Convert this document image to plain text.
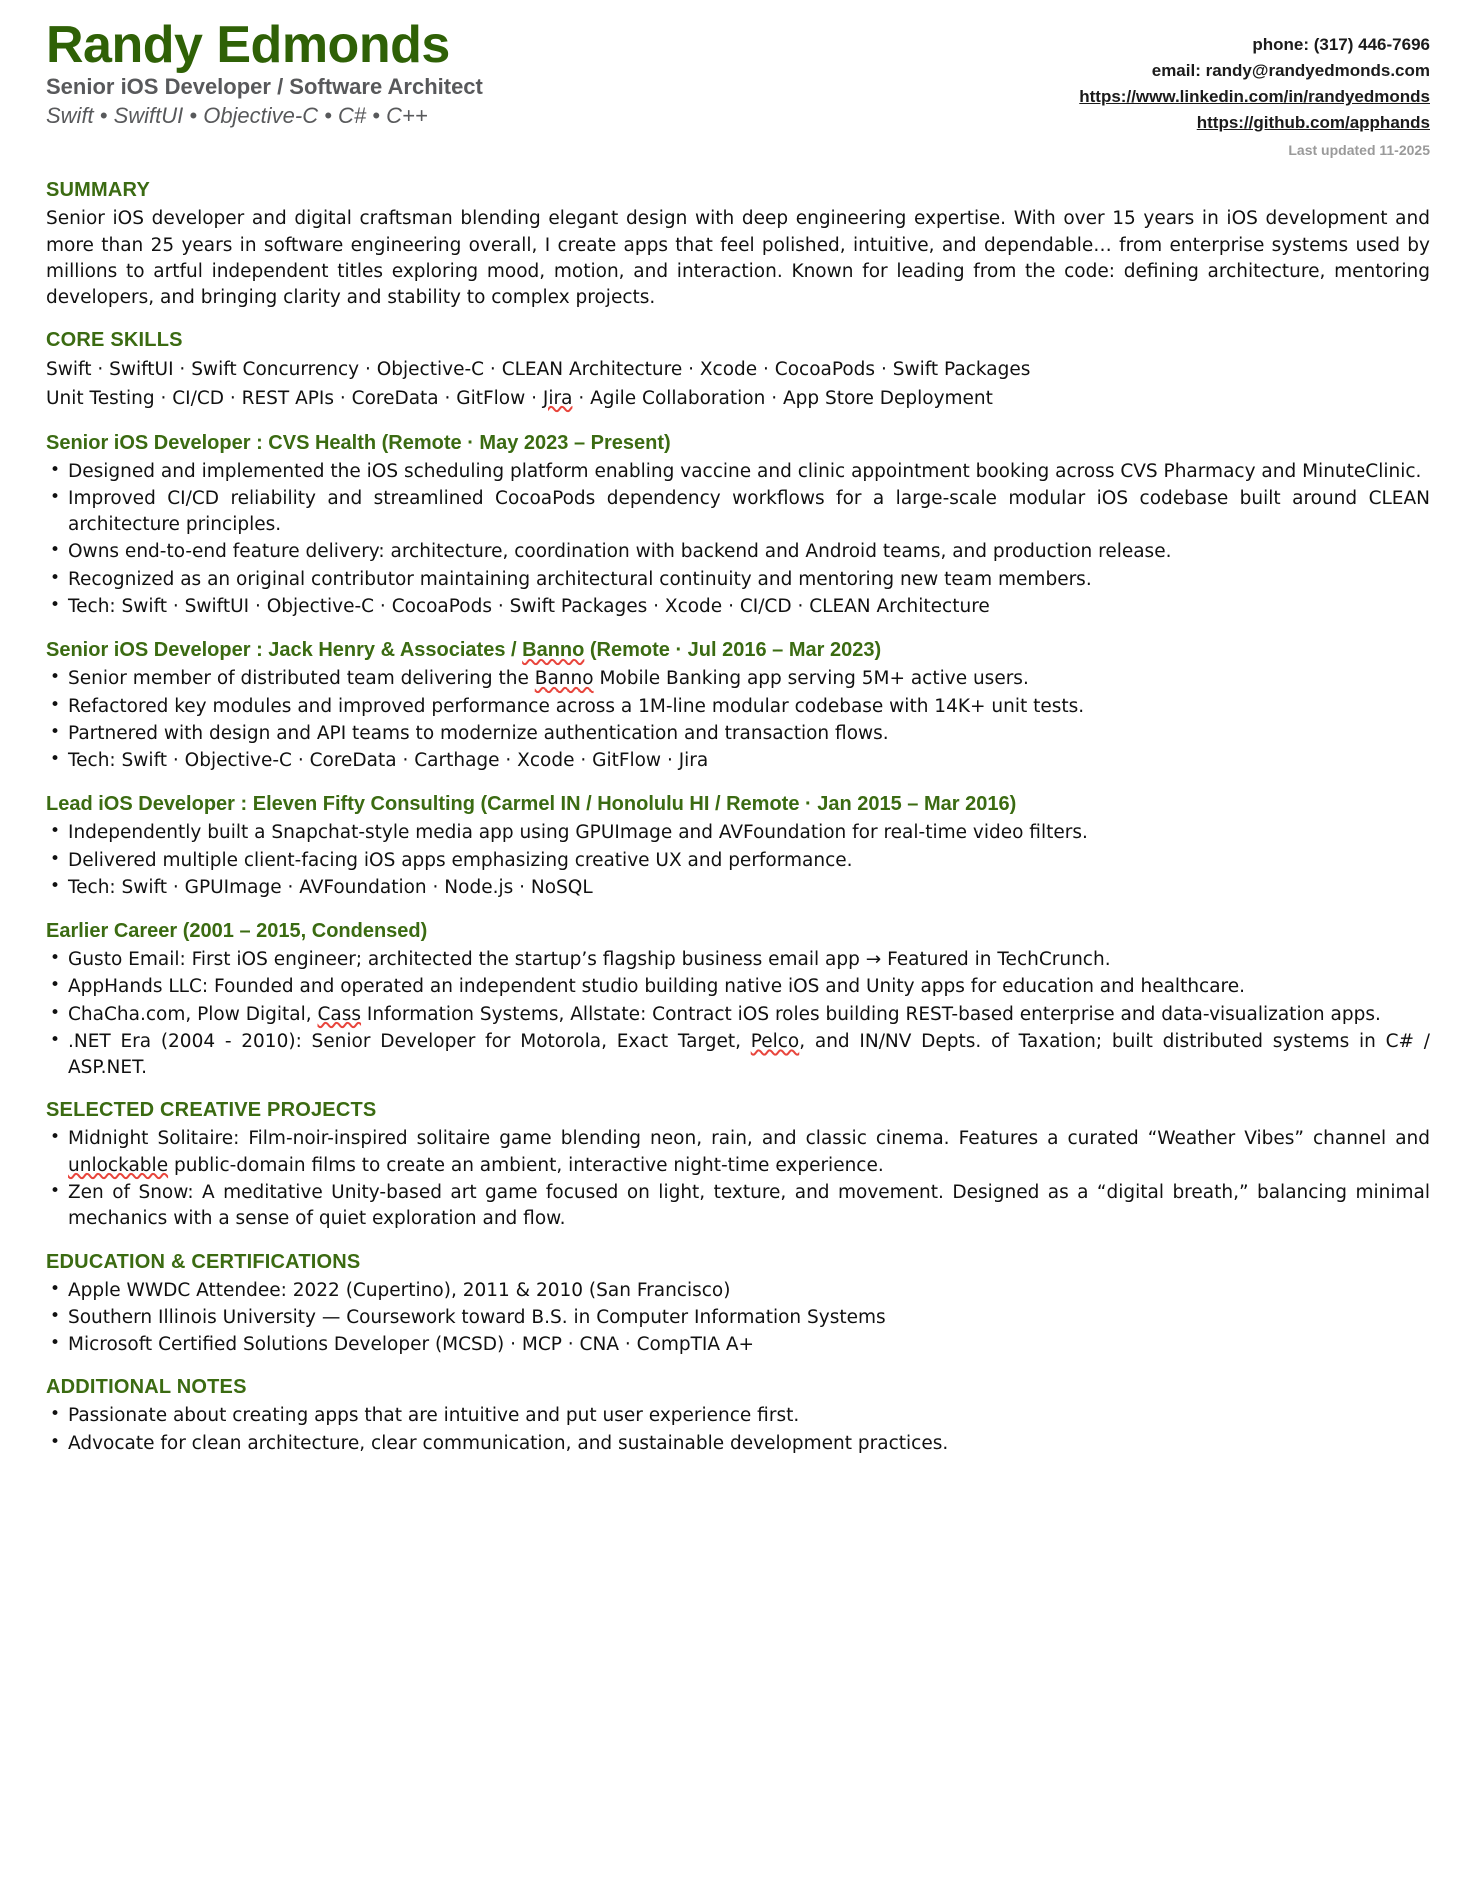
Randy Edmonds
Senior iOS Developer / Software Architect
Swift • SwiftUI • Objective-C • C# • C++
phone: (317) 446-7696
email: randy@randyedmonds.com
https://www.linkedin.com/in/randyedmonds
https://github.com/apphands
Last updated 11-2025
SUMMARY

Senior iOS developer and digital craftsman blending elegant design with deep engineering expertise. With over 15 years in iOS development and more than 25 years in software engineering overall, I create apps that feel polished, intuitive, and dependable… from enterprise systems used by millions to artful independent titles exploring mood, motion, and interaction. Known for leading from the code: defining architecture, mentoring developers, and bringing clarity and stability to complex projects.

CORE SKILLS

Swift · SwiftUI · Swift Concurrency · Objective-C · CLEAN Architecture · Xcode · CocoaPods · Swift Packages

Unit Testing · CI/CD · REST APIs · CoreData · GitFlow · Jira · Agile Collaboration · App Store Deployment

Senior iOS Developer : CVS Health (Remote · May 2023 – Present)
• Designed and implemented the iOS scheduling platform enabling vaccine and clinic appointment booking across CVS Pharmacy and MinuteClinic.
• Improved CI/CD reliability and streamlined CocoaPods dependency workflows for a large-scale modular iOS codebase built around CLEAN architecture principles.
• Owns end-to-end feature delivery: architecture, coordination with backend and Android teams, and production release.
• Recognized as an original contributor maintaining architectural continuity and mentoring new team members.
• Tech: Swift · SwiftUI · Objective-C · CocoaPods · Swift Packages · Xcode · CI/CD · CLEAN Architecture
Senior iOS Developer : Jack Henry & Associates / Banno (Remote · Jul 2016 – Mar 2023)
• Senior member of distributed team delivering the Banno Mobile Banking app serving 5M+ active users.
• Refactored key modules and improved performance across a 1M-line modular codebase with 14K+ unit tests.
• Partnered with design and API teams to modernize authentication and transaction flows.
• Tech: Swift · Objective-C · CoreData · Carthage · Xcode · GitFlow · Jira
Lead iOS Developer : Eleven Fifty Consulting (Carmel IN / Honolulu HI / Remote · Jan 2015 – Mar 2016)
• Independently built a Snapchat-style media app using GPUImage and AVFoundation for real-time video filters.
• Delivered multiple client-facing iOS apps emphasizing creative UX and performance.
• Tech: Swift · GPUImage · AVFoundation · Node.js · NoSQL
Earlier Career (2001 – 2015, Condensed)
• Gusto Email: First iOS engineer; architected the startup’s flagship business email app → Featured in TechCrunch.
• AppHands LLC: Founded and operated an independent studio building native iOS and Unity apps for education and healthcare.
• ChaCha.com, Plow Digital, Cass Information Systems, Allstate: Contract iOS roles building REST-based enterprise and data-visualization apps.
• .NET Era (2004 - 2010): Senior Developer for Motorola, Exact Target, Pelco, and IN/NV Depts. of Taxation; built distributed systems in C# / ASP.NET.
SELECTED CREATIVE PROJECTS
• Midnight Solitaire: Film-noir-inspired solitaire game blending neon, rain, and classic cinema. Features a curated “Weather Vibes” channel and unlockable public-domain films to create an ambient, interactive night-time experience.
• Zen of Snow: A meditative Unity-based art game focused on light, texture, and movement. Designed as a “digital breath,” balancing minimal mechanics with a sense of quiet exploration and flow.
EDUCATION & CERTIFICATIONS
• Apple WWDC Attendee: 2022 (Cupertino), 2011 & 2010 (San Francisco)
• Southern Illinois University — Coursework toward B.S. in Computer Information Systems
• Microsoft Certified Solutions Developer (MCSD) · MCP · CNA · CompTIA A+
ADDITIONAL NOTES
• Passionate about creating apps that are intuitive and put user experience first.
• Advocate for clean architecture, clear communication, and sustainable development practices.
